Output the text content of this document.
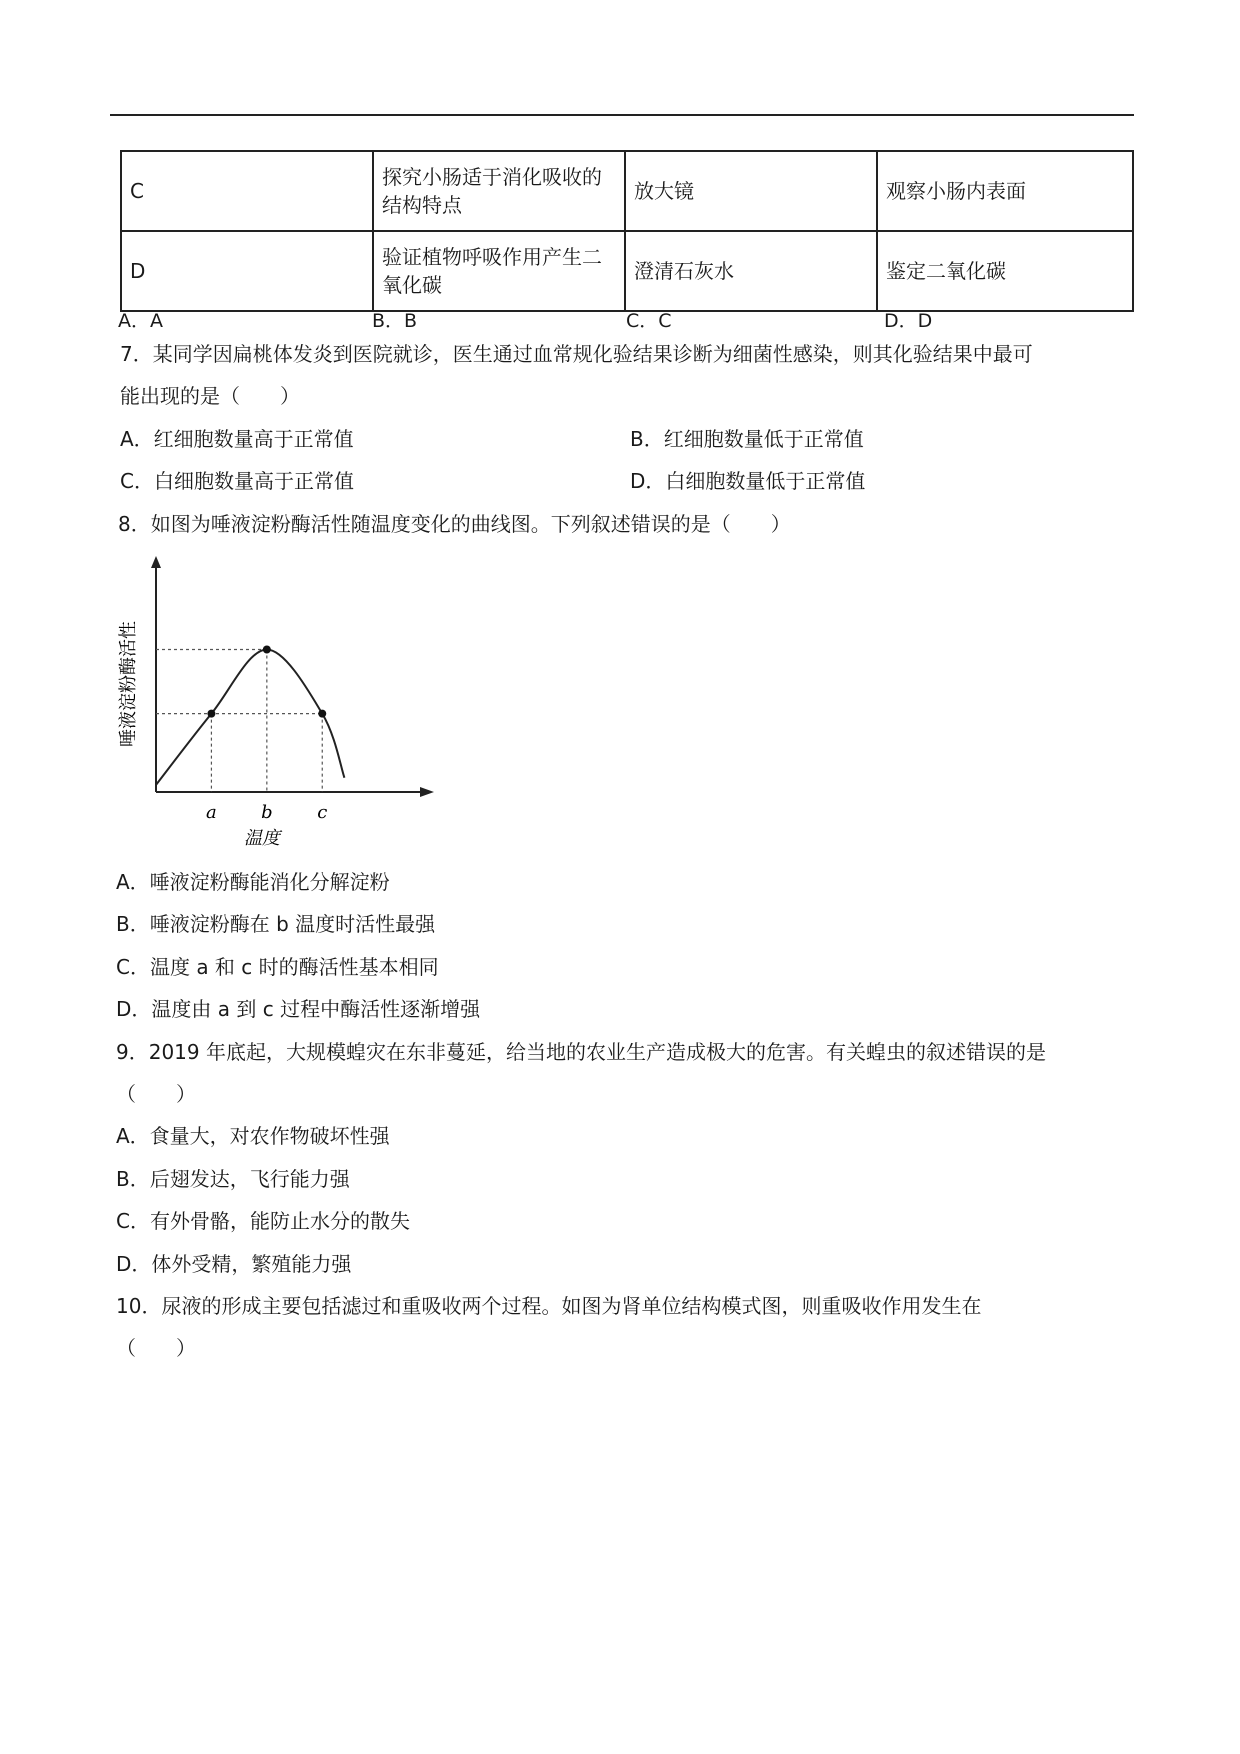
C	探究小肠适于消化吸收的结构特点	放大镜	观察小肠内表面
D	验证植物呼吸作用产生二氧化碳	澄清石灰水	鉴定二氧化碳
A．A	B．B	C．C	D．D
7．某同学因扁桃体发炎到医院就诊，医生通过血常规化验结果诊断为细菌性感染，则其化验结果中最可
能出现的是（　　）
A．红细胞数量高于正常值	B．红细胞数量低于正常值
C．白细胞数量高于正常值	D．白细胞数量低于正常值
8．如图为唾液淀粉酶活性随温度变化的曲线图。下列叙述错误的是（　　）
a b c
温度
唾液淀粉酶活性
A．唾液淀粉酶能消化分解淀粉
B．唾液淀粉酶在 b 温度时活性最强
C．温度 a 和 c 时的酶活性基本相同
D．温度由 a 到 c 过程中酶活性逐渐增强
9．2019 年底起，大规模蝗灾在东非蔓延，给当地的农业生产造成极大的危害。有关蝗虫的叙述错误的是
（　　）
A．食量大，对农作物破坏性强
B．后翅发达，飞行能力强
C．有外骨骼，能防止水分的散失
D．体外受精，繁殖能力强
10．尿液的形成主要包括滤过和重吸收两个过程。如图为肾单位结构模式图，则重吸收作用发生在
（　　）
